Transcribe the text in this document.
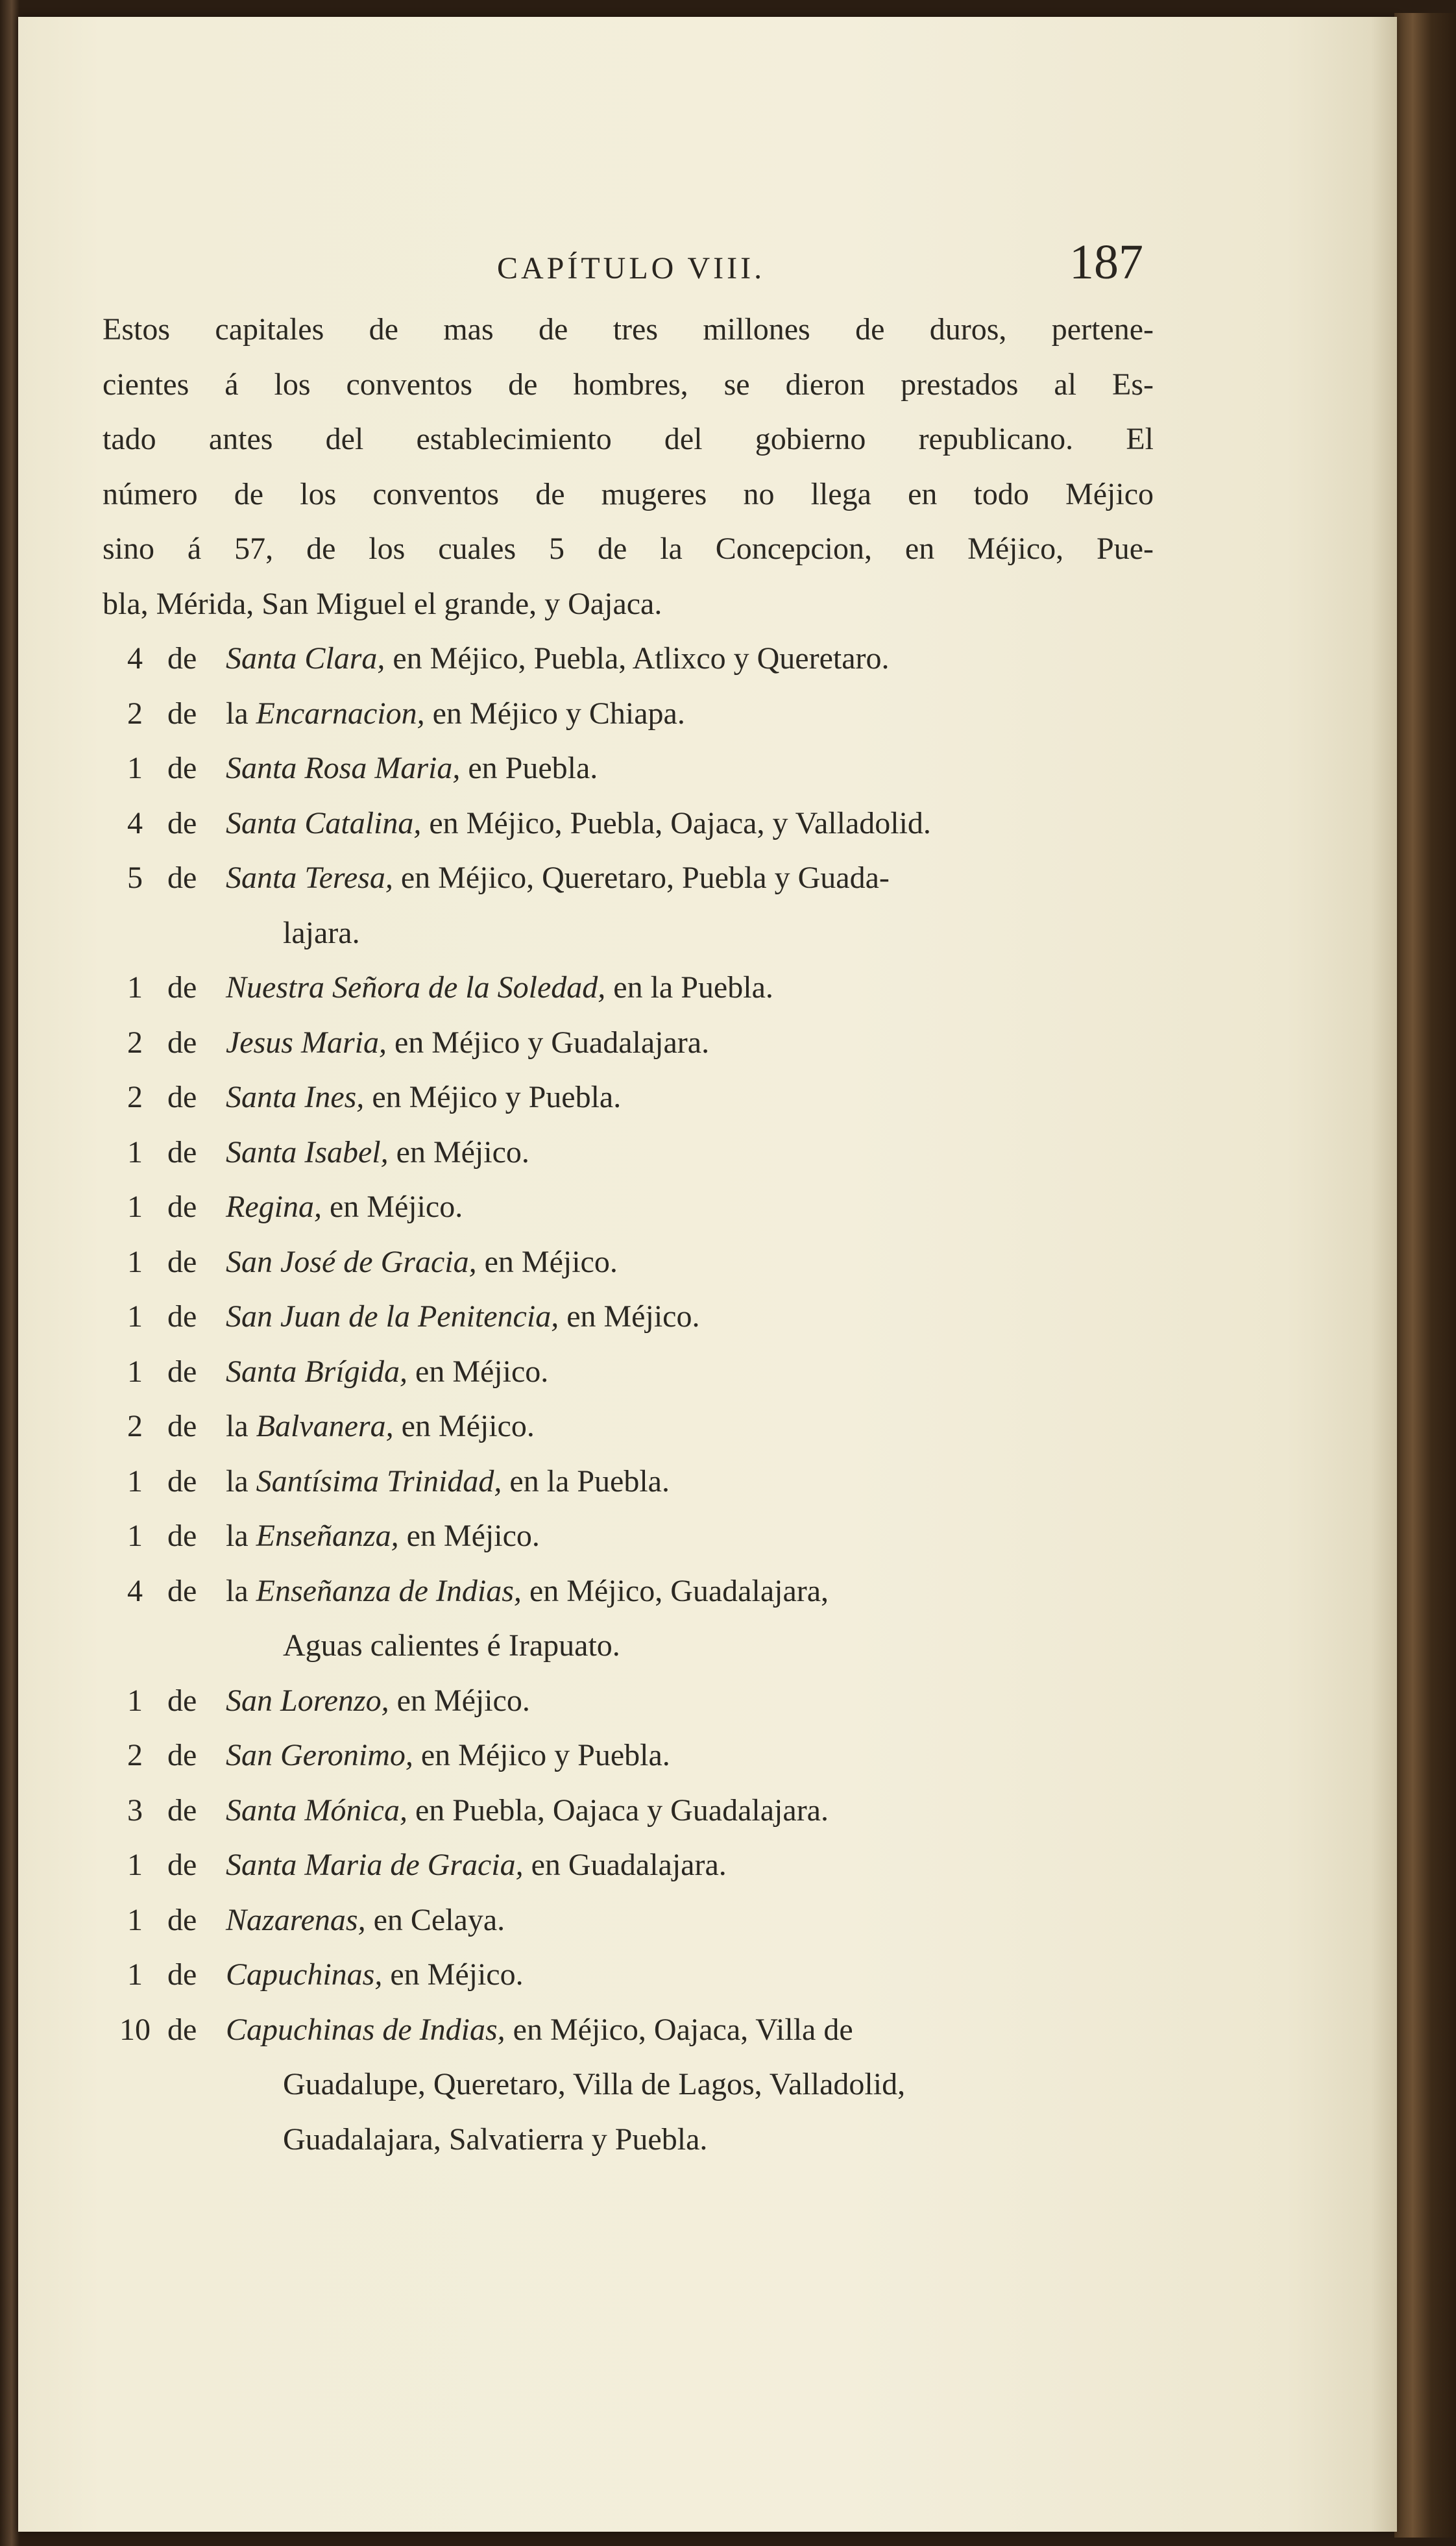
CAPÍTULO VIII.	187
Estos capitales de mas de tres millones de duros, pertene-
cientes á los conventos de hombres, se dieron prestados al Es-
tado antes del establecimiento del gobierno republicano. El
número de los conventos de mugeres no llega en todo Méjico
sino á 57, de los cuales 5 de la Concepcion, en Méjico, Pue-
bla, Mérida, San Miguel el grande, y Oajaca.
4 de Santa Clara, en Méjico, Puebla, Atlixco y Queretaro.
2 de la Encarnacion, en Méjico y Chiapa.
1 de Santa Rosa Maria, en Puebla.
4 de Santa Catalina, en Méjico, Puebla, Oajaca, y Valladolid.
5 de Santa Teresa, en Méjico, Queretaro, Puebla y Guada-
lajara.
1 de Nuestra Señora de la Soledad, en la Puebla.
2 de Jesus Maria, en Méjico y Guadalajara.
2 de Santa Ines, en Méjico y Puebla.
1 de Santa Isabel, en Méjico.
1 de Regina, en Méjico.
1 de San José de Gracia, en Méjico.
1 de San Juan de la Penitencia, en Méjico.
1 de Santa Brígida, en Méjico.
2 de la Balvanera, en Méjico.
1 de la Santísima Trinidad, en la Puebla.
1 de la Enseñanza, en Méjico.
4 de la Enseñanza de Indias, en Méjico, Guadalajara,
Aguas calientes é Irapuato.
1 de San Lorenzo, en Méjico.
2 de San Geronimo, en Méjico y Puebla.
3 de Santa Mónica, en Puebla, Oajaca y Guadalajara.
1 de Santa Maria de Gracia, en Guadalajara.
1 de Nazarenas, en Celaya.
1 de Capuchinas, en Méjico.
10 de Capuchinas de Indias, en Méjico, Oajaca, Villa de
Guadalupe, Queretaro, Villa de Lagos, Valladolid,
Guadalajara, Salvatierra y Puebla.
